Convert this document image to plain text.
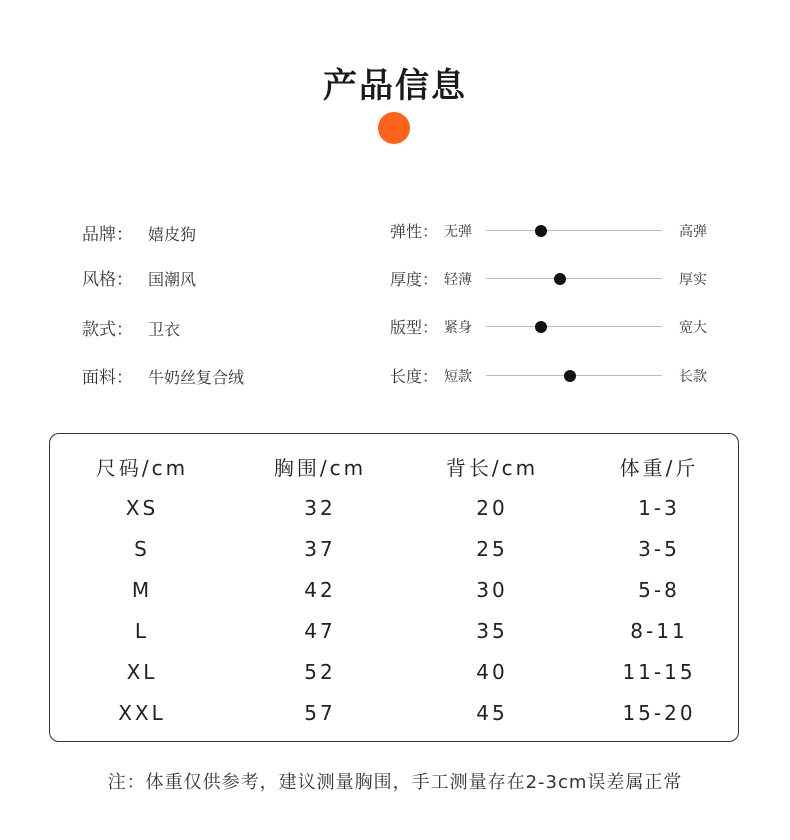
产品信息
品牌： 嬉皮狗
风格： 国潮风
款式： 卫衣
面料： 牛奶丝复合绒
弹性： 无弹	高弹
厚度： 轻薄	厚实
版型： 紧身	宽大
长度： 短款	长款
尺码/cm	胸围/cm	背长/cm	体重/斤
XS	32	20	1-3
S	37	25	3-5
M	42	30	5-8
L	47	35	8-11
XL	52	40	11-15
XXL	57	45	15-20
注：体重仅供参考，建议测量胸围，手工测量存在2-3cm误差属正常
